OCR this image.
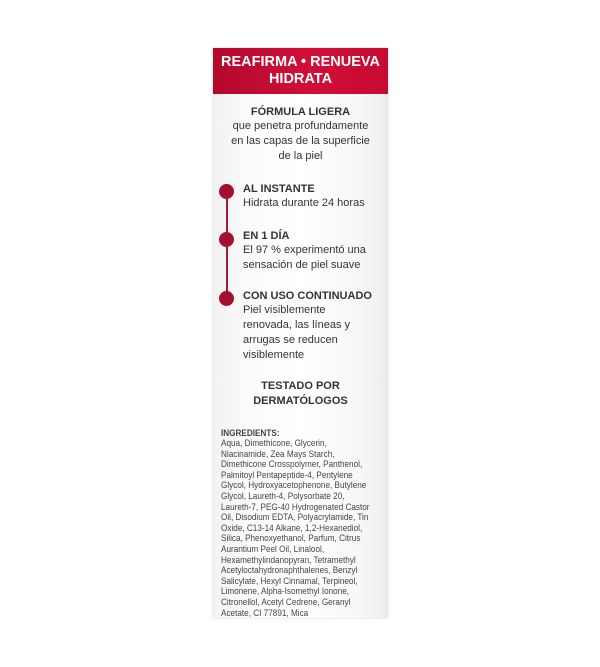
REAFIRMA • RENUEVA
HIDRATA
FÓRMULA LIGERA
que penetra profundamente
en las capas de la superficie
de la piel
AL INSTANTE
Hidrata durante 24 horas
EN 1 DÍA
El 97 % experimentó una
sensación de piel suave
CON USO CONTINUADO
Piel visiblemente
renovada, las líneas y
arrugas se reducen
visiblemente
TESTADO POR
DERMATÓLOGOS
INGREDIENTS:
Aqua, Dimethicone, Glycerin, Niacinamide, Zea Mays Starch, Dimethicone Crosspolymer, Panthenol, Palmitoyl Pentapeptide-4, Pentylene Glycol, Hydroxyacetophenone, Butylene Glycol, Laureth-4, Polysorbate 20, Laureth-7, PEG-40 Hydrogenated Castor Oil, Disodium EDTA, Polyacrylamide, Tin Oxide, C13-14 Alkane, 1,2-Hexanediol, Silica, Phenoxyethanol, Parfum, Citrus Aurantium Peel Oil, Linalool, Hexamethylindanopyran, Tetramethyl Acetyloctahydronaphthalenes, Benzyl Salicylate, Hexyl Cinnamal, Terpineol, Limonene, Alpha-Isomethyl Ionone, Citronellol, Acetyl Cedrene, Geranyl Acetate, CI 77891, Mica
